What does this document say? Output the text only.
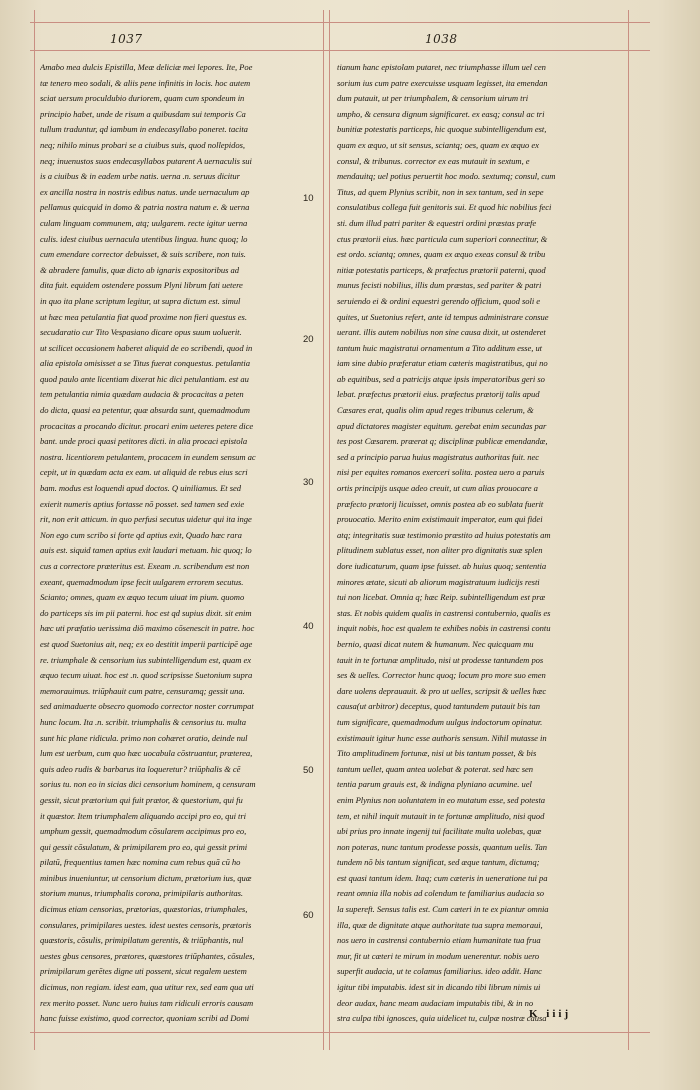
1037	1038
Amabo mea dulcis Epistilla, Meæ deliciæ mei lepores. Ite, Poe
tæ tenero meo sodali, & aliis pene infinitis in locis. hoc autem
sciat uersum proculdubio duriorem, quam cum spondeum in
principio habet, unde de risum a quibusdam sui temporis Ca
tullum traduntur, qd iambum in endecasyllabo poneret. tacita
neq; nihilo minus probari se a ciuibus suis, quod nollepidos,
neq; inuenustos suos endecasyllabos putarent A uernaculis sui
is a ciuibus & in eadem urbe natis. uerna .n. seruus dicitur
ex ancilla nostra in nostris edibus natus. unde uernaculum ap
pellamus quicquid in domo & patria nostra natum e. & uerna
culam linguam communem, atq; uulgarem. recte igitur uerna
culis. idest ciuibus uernacula utentibus lingua. hunc quoq; lo
cum emendare corrector debuisset, & suis scribere, non tuis.
& abradere famulis, quæ dicto ab ignaris expositoribus ad
dita fuit. equidem ostendere possum Plyni librum fati uetere
in quo ita plane scriptum legitur, ut supra dictum est. simul
ut hæc mea petulantia fiat quod proxime non fieri questus es.
secudaratio cur Tito Vespasiano dicare opus suum uoluerit.
ut scilicet occasionem haberet aliquid de eo scribendi, quod in
alia epistola omisisset a se Titus fuerat conquestus. petulantia
quod paulo ante licentiam dixerat hic dici petulantiam. est au
tem petulantia nimia quædam audacia & procacitas a peten
do dicta, quasi ea petentur, quæ absurda sunt, quemadmodum
procacitas a procando dicitur. procari enim ueteres petere dice
bant. unde proci quasi petitores dicti. in alia procaci epistola
nostra. licentiorem petulantem, procacem in eundem sensum ac
cepit, ut in quædam acta ex eam. ut aliquid de rebus eius scri
bam. modus est loquendi apud doctos. Q uiniliamus. Et sed
exierit numeris aptius fortasse nō posset. sed tamen sed exie
rit, non erit atticum. in quo perfusi secutus uidetur qui ita inge
Non ego cum scribo si forte qd aptius exit, Quado hæc rara
auis est. siquid tamen aptius exit laudari metuam. hic quoq; lo
cus a correctore præteritus est. Exeam .n. scribendum est non
exeant, quemadmodum ipse fecit uulgarem errorem secutus.
Scianto; omnes, quam ex æquo tecum uiuat im pium. quomo
do particeps sis im pii paterni. hoc est qd supius dixit. sit enim
hæc uti præfatio uerissima diō maximo cōsenescit in patre. hoc
est quod Suetonius ait, neq; ex eo destitit imperii participē age
re. triumphale & censorium ius subintelligendum est, quam ex
æquo tecum uiuat. hoc est .n. quod scripsisse Suetonium supra
memorauimus. triūphauit cum patre, censuramq; gessit una.
sed animaduerte obsecro quomodo corrector noster corrumpat
hunc locum. Ita .n. scribit. triumphalis & censorius tu. multa
sunt hic plane ridicula. primo non cohæret oratio, deinde nul
lum est uerbum, cum quo hæc uocabula cōstruantur, præterea,
quis adeo rudis & barbarus ita loqueretur? triūphalis & cē
sorius tu. non eo in sicias dici censorium hominem, q censuram
gessit, sicut prætorium qui fuit prætor, & questorium, qui fu
it quæstor. Item triumphalem aliquando accipi pro eo, qui tri
umphum gessit, quemadmodum cōsularem accipimus pro eo,
qui gessit cōsulatum, & primipilarem pro eo, qui gessit primi
pilatū, frequentius tamen hæc nomina cum rebus quā cū ho
minibus inueniuntur, ut censorium dictum, prætorium ius, quæ
storium munus, triumphalis corona, primipilaris authoritas.
dicimus etiam censorias, prætorias, quæstorias, triumphales,
consulares, primipilares uestes. idest uestes censoris, prætoris
quæstoris, cōsulis, primipilatum gerentis, & triūphantis, nul
uestes gbus censores, prætores, quæstores triūphantes, cōsules,
primipilarum gerētes digne uti possent, sicut regalem uestem
dicimus, non regiam. idest eam, qua utitur rex, sed eam qua uti
rex merito posset. Nunc uero huius tam ridiculi erroris causam
hanc fuisse existimo, quod corrector, quoniam scribi ad Domi
tianum hanc epistolam putaret, nec triumphasse illum uel cen
sorium ius cum patre exercuisse usquam legisset, ita emendan
dum putauit, ut per triumphalem, & censorium uirum tri
umpho, & censura dignum significaret. ex easq; consul ac tri
bunitiæ potestatis particeps, hic quoque subintelligendum est,
quam ex æquo, ut sit sensus, sciantq; oes, quam ex æquo ex
consul, & tribunus. corrector ex eas mutauit in sextum, e
mendauitq; uel potius peruertit hoc modo. sextumq; consul, cum
Titus, ad quem Plynius scribit, non in sex tantum, sed in sepe
consulatibus collega fuit genitoris sui. Et quod hic nobilius feci
sti. dum illud patri pariter & equestri ordini præstas præfe
ctus prætorii eius. hæc particula cum superiori connectitur, &
est ordo. sciantq; omnes, quam ex æquo exeas consul & tribu
nitiæ potestatis particeps, & præfectus prætorii paterni, quod
munus fecisti nobilius, illis dum præstas, sed pariter & patri
seruiendo ei & ordini equestri gerendo officium, quod soli e
quites, ut Suetonius refert, ante id tempus administrare consue
uerant. illis autem nobilius non sine causa dixit, ut ostenderet
tantum huic magistratui ornamentum a Tito additum esse, ut
iam sine dubio præferatur etiam cæteris magistratibus, qui no
ab equitibus, sed a patricijs atque ipsis imperatoribus geri so
lebat. præfectus prætorii eius. præfectus prætorij talis apud
Cæsares erat, qualis olim apud reges tribunus celerum, &
apud dictatores magister equitum. gerebat enim secundas par
tes post Cæsarem. præerat q; disciplinæ publicæ emendandæ,
sed a principio parua huius magistratus authoritas fuit. nec
nisi per equites romanos exerceri solita. postea uero a paruis
ortis principijs usque adeo creuit, ut cum alias prouocare a
præfecto prætorij licuisset, omnis postea ab eo sublata fuerit
prouocatio. Merito enim existimauit imperator, eum qui fidei
atq; integritatis suæ testimonio præstito ad huius potestatis am
plitudinem sublatus esset, non aliter pro dignitatis suæ splen
dore iudicaturum, quam ipse fuisset. ab huius quoq; sententia
minores ætate, sicuti ab aliorum magistratuum iudicijs resti
tui non licebat. Omnia q; hæc Reip. subintelligendum est præ
stas. Et nobis quidem qualis in castrensi contubernio, qualis es
inquit nobis, hoc est qualem te exhibes nobis in castrensi contu
bernio, quasi dicat nutem & humanum. Nec quicquam mu
tauit in te fortunæ amplitudo, nisi ut prodesse tantundem pos
ses & uelles. Corrector hunc quoq; locum pro more suo emen
dare uolens deprauauit. & pro ut uelles, scripsit & uelles hæc
causa(ut arbitror) deceptus, quod tantundem putauit bis tan
tum significare, quemadmodum uulgus indoctorum opinatur.
existimauit igitur hunc esse authoris sensum. Nihil mutasse in
Tito amplitudinem fortunæ, nisi ut bis tantum posset, & bis
tantum uellet, quam antea uolebat & poterat. sed hæc sen
tentia parum grauis est, & indigna plyniano acumine. uel
enim Plynius non uoluntatem in eo mutatum esse, sed potesta
tem, et nihil inquit mutauit in te fortunæ amplitudo, nisi quod
ubi prius pro innate ingenij tui facilitate multa uolebas, quæ
non poteras, nunc tantum prodesse possis, quantum uelis. Tan
tundem nō bis tantum significat, sed æque tantum, dictumq;
est quasi tantum idem. Itaq; cum cæteris in ueneratione tui pa
reant omnia illa nobis ad colendum te familiarius audacia so
la supereft. Sensus talis est. Cum cæteri in te ex piantur omnia
illa, quæ de dignitate atque authoritate tua supra memoraui,
nos uero in castrensi contubernio etiam humanitate tua frua
mur, fit ut cæteri te mirum in modum uenerentur. nobis uero
superfit audacia, ut te colamus familiarius. ideo addit. Hanc
igitur tibi imputabis. idest sit in dicando tibi librum nimis ui
deor audax, hanc meam audaciam imputabis tibi, & in no
stra culpa tibi ignosces, quia uidelicet tu, culpæ nostræ causa
10
20
30
40
50
60
K iiij
